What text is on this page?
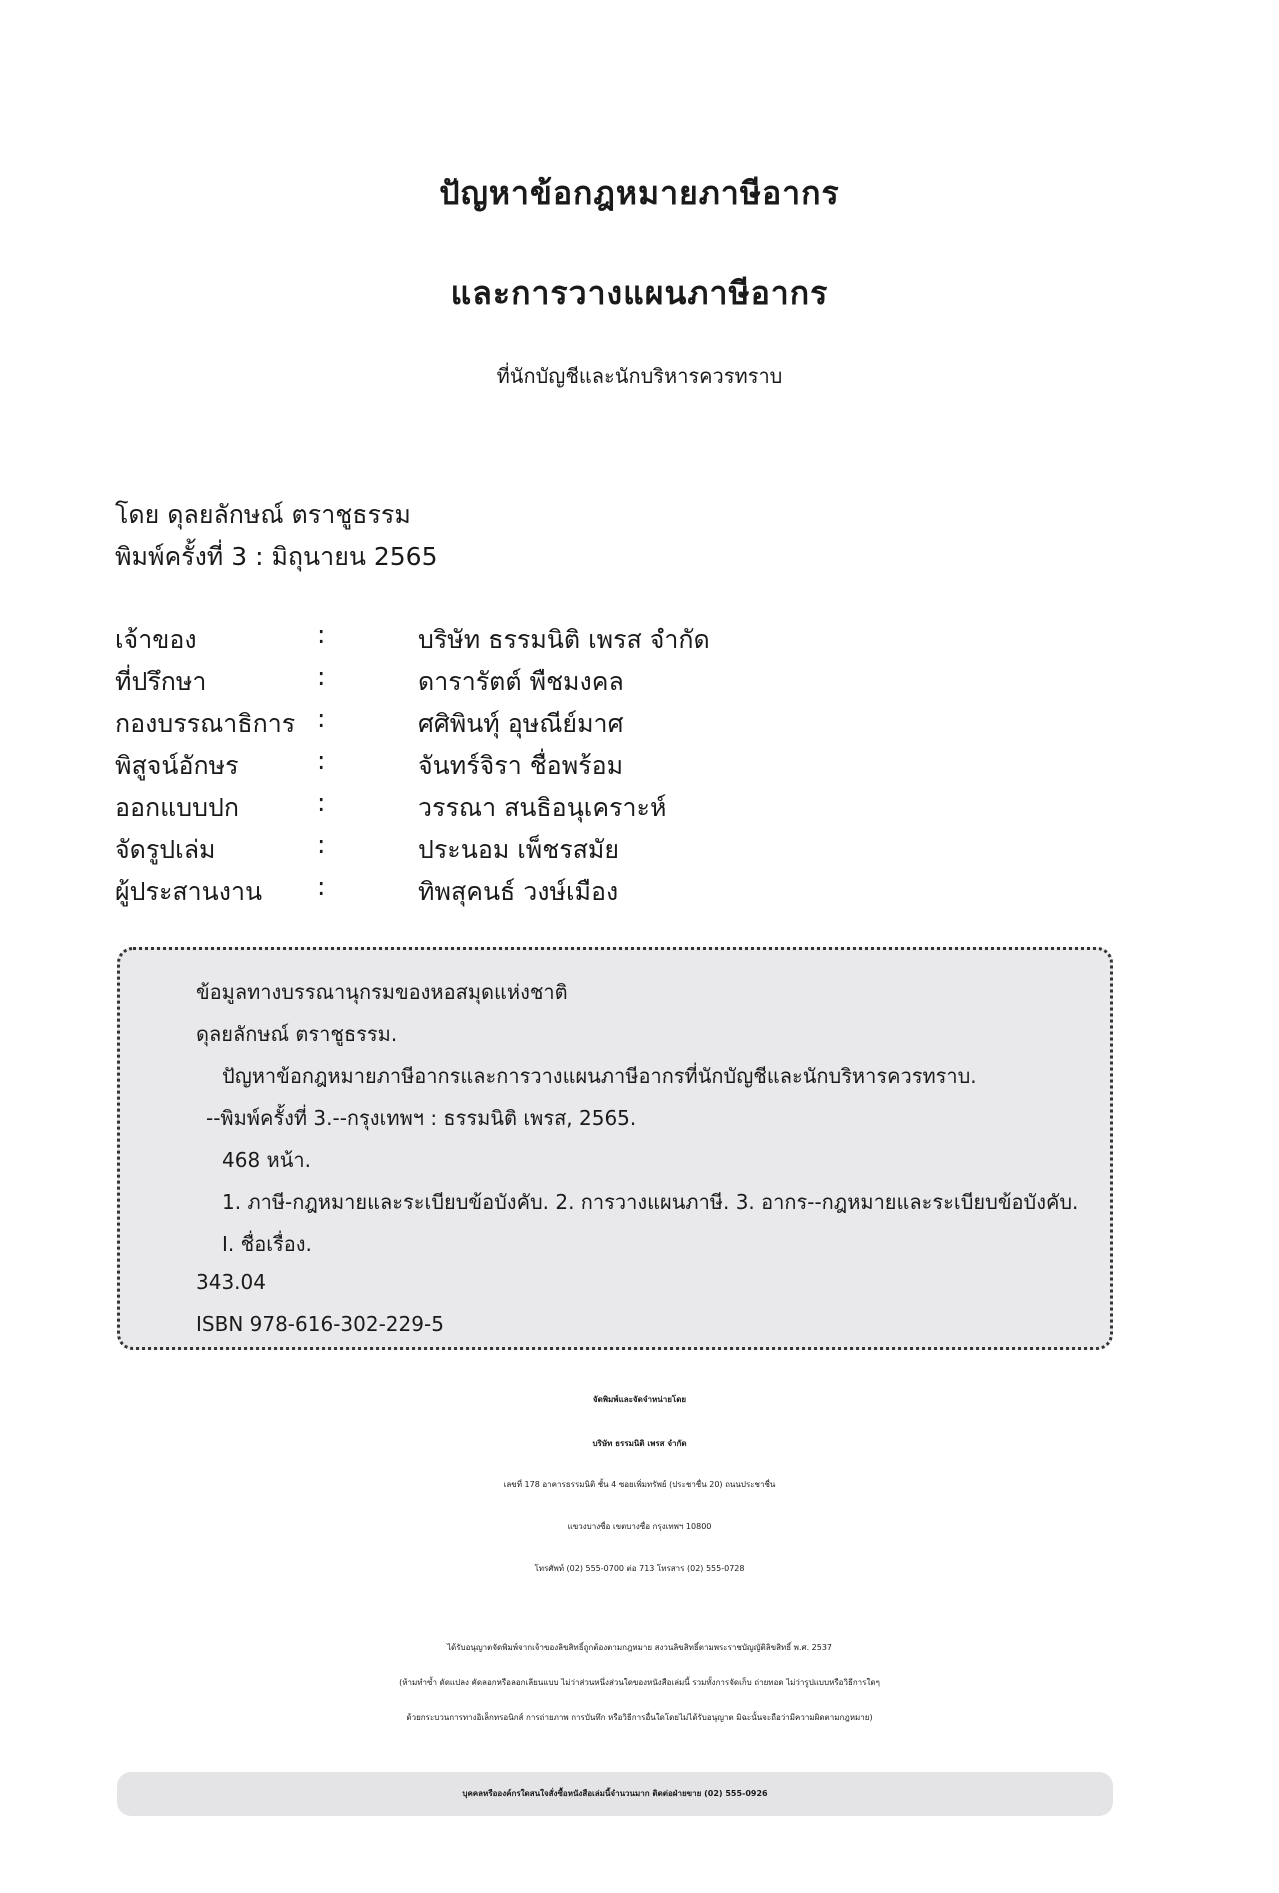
ปัญหาข้อกฎหมายภาษีอากร
และการวางแผนภาษีอากร
ที่นักบัญชีและนักบริหารควรทราบ
โดย ดุลยลักษณ์ ตราชูธรรม
พิมพ์ครั้งที่ 3 : มิถุนายน 2565
เจ้าของ	:	บริษัท ธรรมนิติ เพรส จำกัด
ที่ปรึกษา	:	ดารารัตต์ พืชมงคล
กองบรรณาธิการ :	ศศิพินทุ์ อุษณีย์มาศ
พิสูจน์อักษร	:	จันทร์จิรา ชื่อพร้อม
ออกแบบปก	:	วรรณา สนธิอนุเคราะห์
จัดรูปเล่ม	:	ประนอม เพ็ชรสมัย
ผู้ประสานงาน :	ทิพสุคนธ์ วงษ์เมือง
ข้อมูลทางบรรณานุกรมของหอสมุดแห่งชาติ
ดุลยลักษณ์ ตราชูธรรม.
ปัญหาข้อกฎหมายภาษีอากรและการวางแผนภาษีอากรที่นักบัญชีและนักบริหารควรทราบ.
--พิมพ์ครั้งที่ 3.--กรุงเทพฯ : ธรรมนิติ เพรส, 2565.
468 หน้า.
1. ภาษี-กฎหมายและระเบียบข้อบังคับ. 2. การวางแผนภาษี. 3. อากร--กฎหมายและระเบียบข้อบังคับ.
I. ชื่อเรื่อง.
343.04
ISBN 978-616-302-229-5
จัดพิมพ์และจัดจำหน่ายโดย
บริษัท ธรรมนิติ เพรส จำกัด
เลขที่ 178 อาคารธรรมนิติ ชั้น 4 ซอยเพิ่มทรัพย์ (ประชาชื่น 20) ถนนประชาชื่น
แขวงบางซื่อ เขตบางซื่อ กรุงเทพฯ 10800
โทรศัพท์ (02) 555-0700 ต่อ 713 โทรสาร (02) 555-0728
ได้รับอนุญาตจัดพิมพ์จากเจ้าของลิขสิทธิ์ถูกต้องตามกฎหมาย สงวนลิขสิทธิ์ตามพระราชบัญญัติลิขสิทธิ์ พ.ศ. 2537
(ห้ามทำซ้ำ ดัดแปลง คัดลอกหรือลอกเลียนแบบ ไม่ว่าส่วนหนึ่งส่วนใดของหนังสือเล่มนี้ รวมทั้งการจัดเก็บ ถ่ายทอด ไม่ว่ารูปแบบหรือวิธีการใดๆ
ด้วยกระบวนการทางอิเล็กทรอนิกส์ การถ่ายภาพ การบันทึก หรือวิธีการอื่นใดโดยไม่ได้รับอนุญาต มิฉะนั้นจะถือว่ามีความผิดตามกฎหมาย)
บุคคลหรือองค์กรใดสนใจสั่งซื้อหนังสือเล่มนี้จำนวนมาก ติดต่อฝ่ายขาย (02) 555-0926
